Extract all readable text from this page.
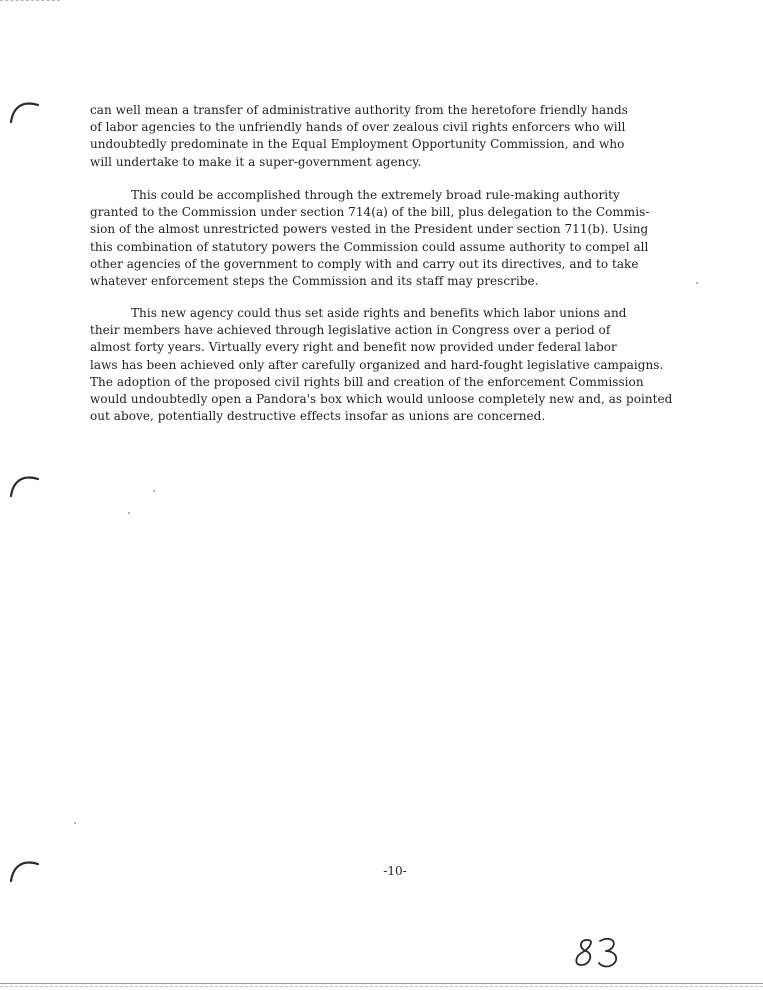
can well mean a transfer of administrative authority from the heretofore friendly hands
of labor agencies to the unfriendly hands of over zealous civil rights enforcers who will
undoubtedly predominate in the Equal Employment Opportunity Commission, and who
will undertake to make it a super-government agency.
This could be accomplished through the extremely broad rule-making authority
granted to the Commission under section 714(a) of the bill, plus delegation to the Commis-
sion of the almost unrestricted powers vested in the President under section 711(b). Using
this combination of statutory powers the Commission could assume authority to compel all
other agencies of the government to comply with and carry out its directives, and to take
whatever enforcement steps the Commission and its staff may prescribe.
This new agency could thus set aside rights and benefits which labor unions and
their members have achieved through legislative action in Congress over a period of
almost forty years. Virtually every right and benefit now provided under federal labor
laws has been achieved only after carefully organized and hard-fought legislative campaigns.
The adoption of the proposed civil rights bill and creation of the enforcement Commission
would undoubtedly open a Pandora's box which would unloose completely new and, as pointed
out above, potentially destructive effects insofar as unions are concerned.
-10-
